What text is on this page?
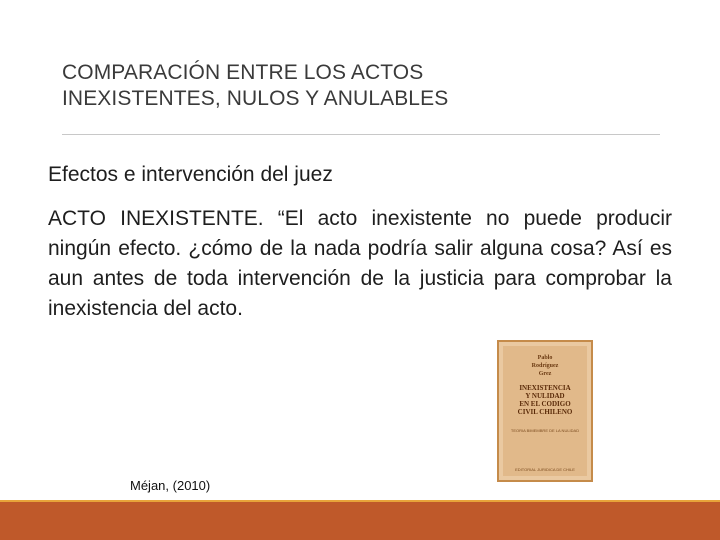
COMPARACIÓN ENTRE LOS ACTOS
INEXISTENTES, NULOS Y ANULABLES
Efectos e intervención del juez
ACTO INEXISTENTE. “El acto inexistente no puede producir ningún efecto. ¿cómo de la nada podría salir alguna cosa? Así es aun antes de toda intervención de la justicia para comprobar la inexistencia del acto.
Pablo
Rodríguez
Grez
INEXISTENCIA
Y NULIDAD
EN EL CODIGO
CIVIL CHILENO
TEORIA BIMEMBRE DE LA NULIDAD
EDITORIAL JURIDICA DE CHILE
Méjan, (2010)
